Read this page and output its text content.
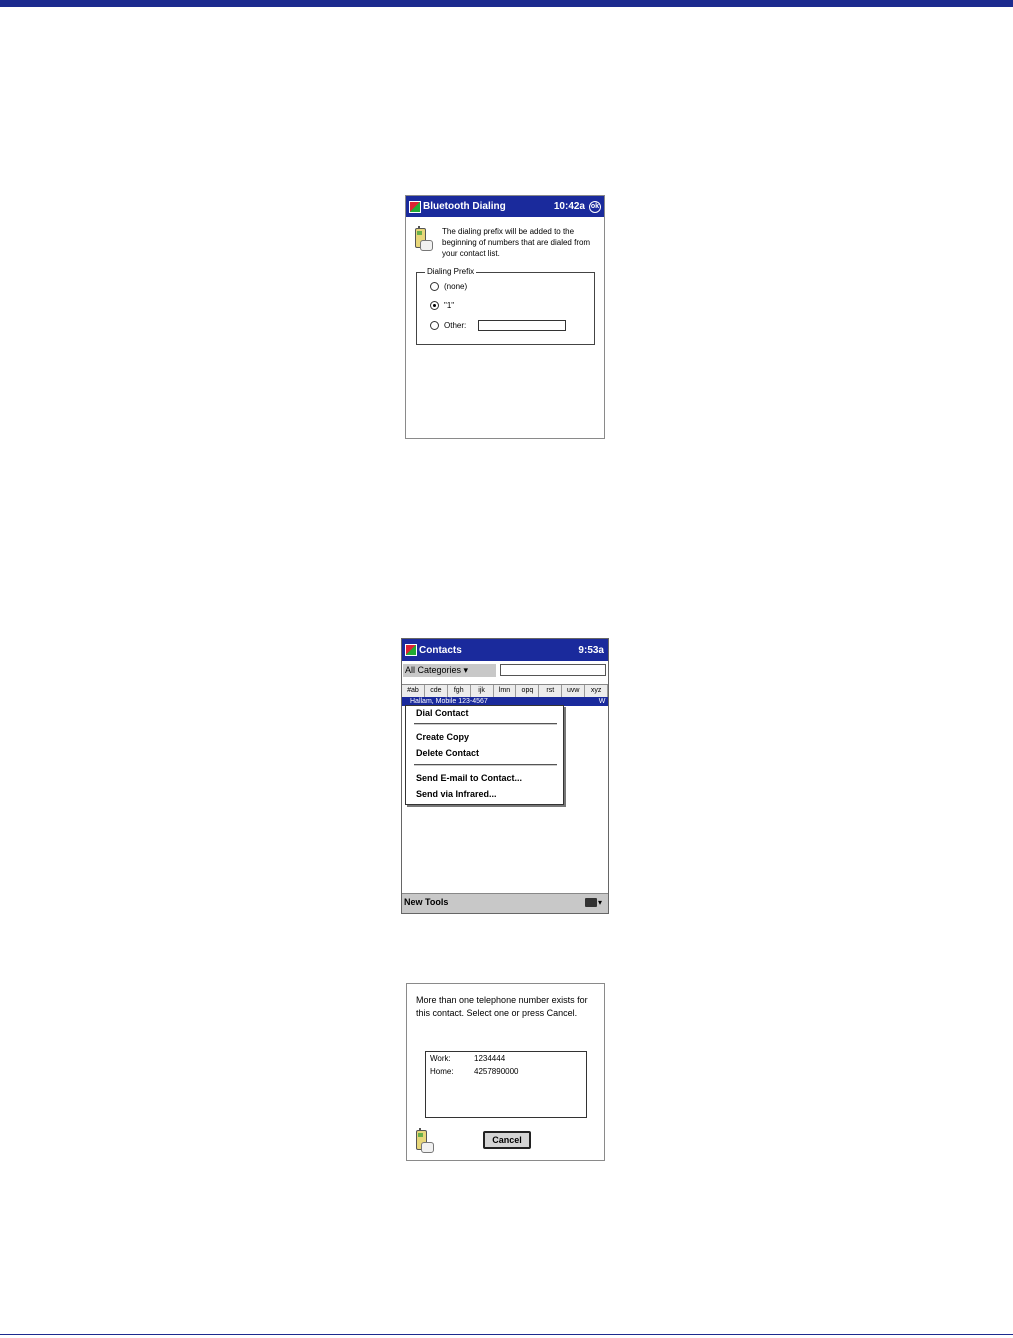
Bluetooth Dialing	10:42a ok
The dialing prefix will be added to the beginning of numbers that are dialed from your contact list.
Dialing Prefix
(none)
"1"
Other:
Contacts	9:53a
All Categories ▾
#ab	cde	fgh	ijk	lmn	opq	rst	uvw	xyz
Hallam, Mobile 123-4567	W
Dial Contact
Create Copy
Delete Contact
Send E-mail to Contact...
Send via Infrared...
New Tools	▾
More than one telephone number exists for this contact. Select one or press Cancel.
Work:	1234444
Home:	4257890000
Cancel
